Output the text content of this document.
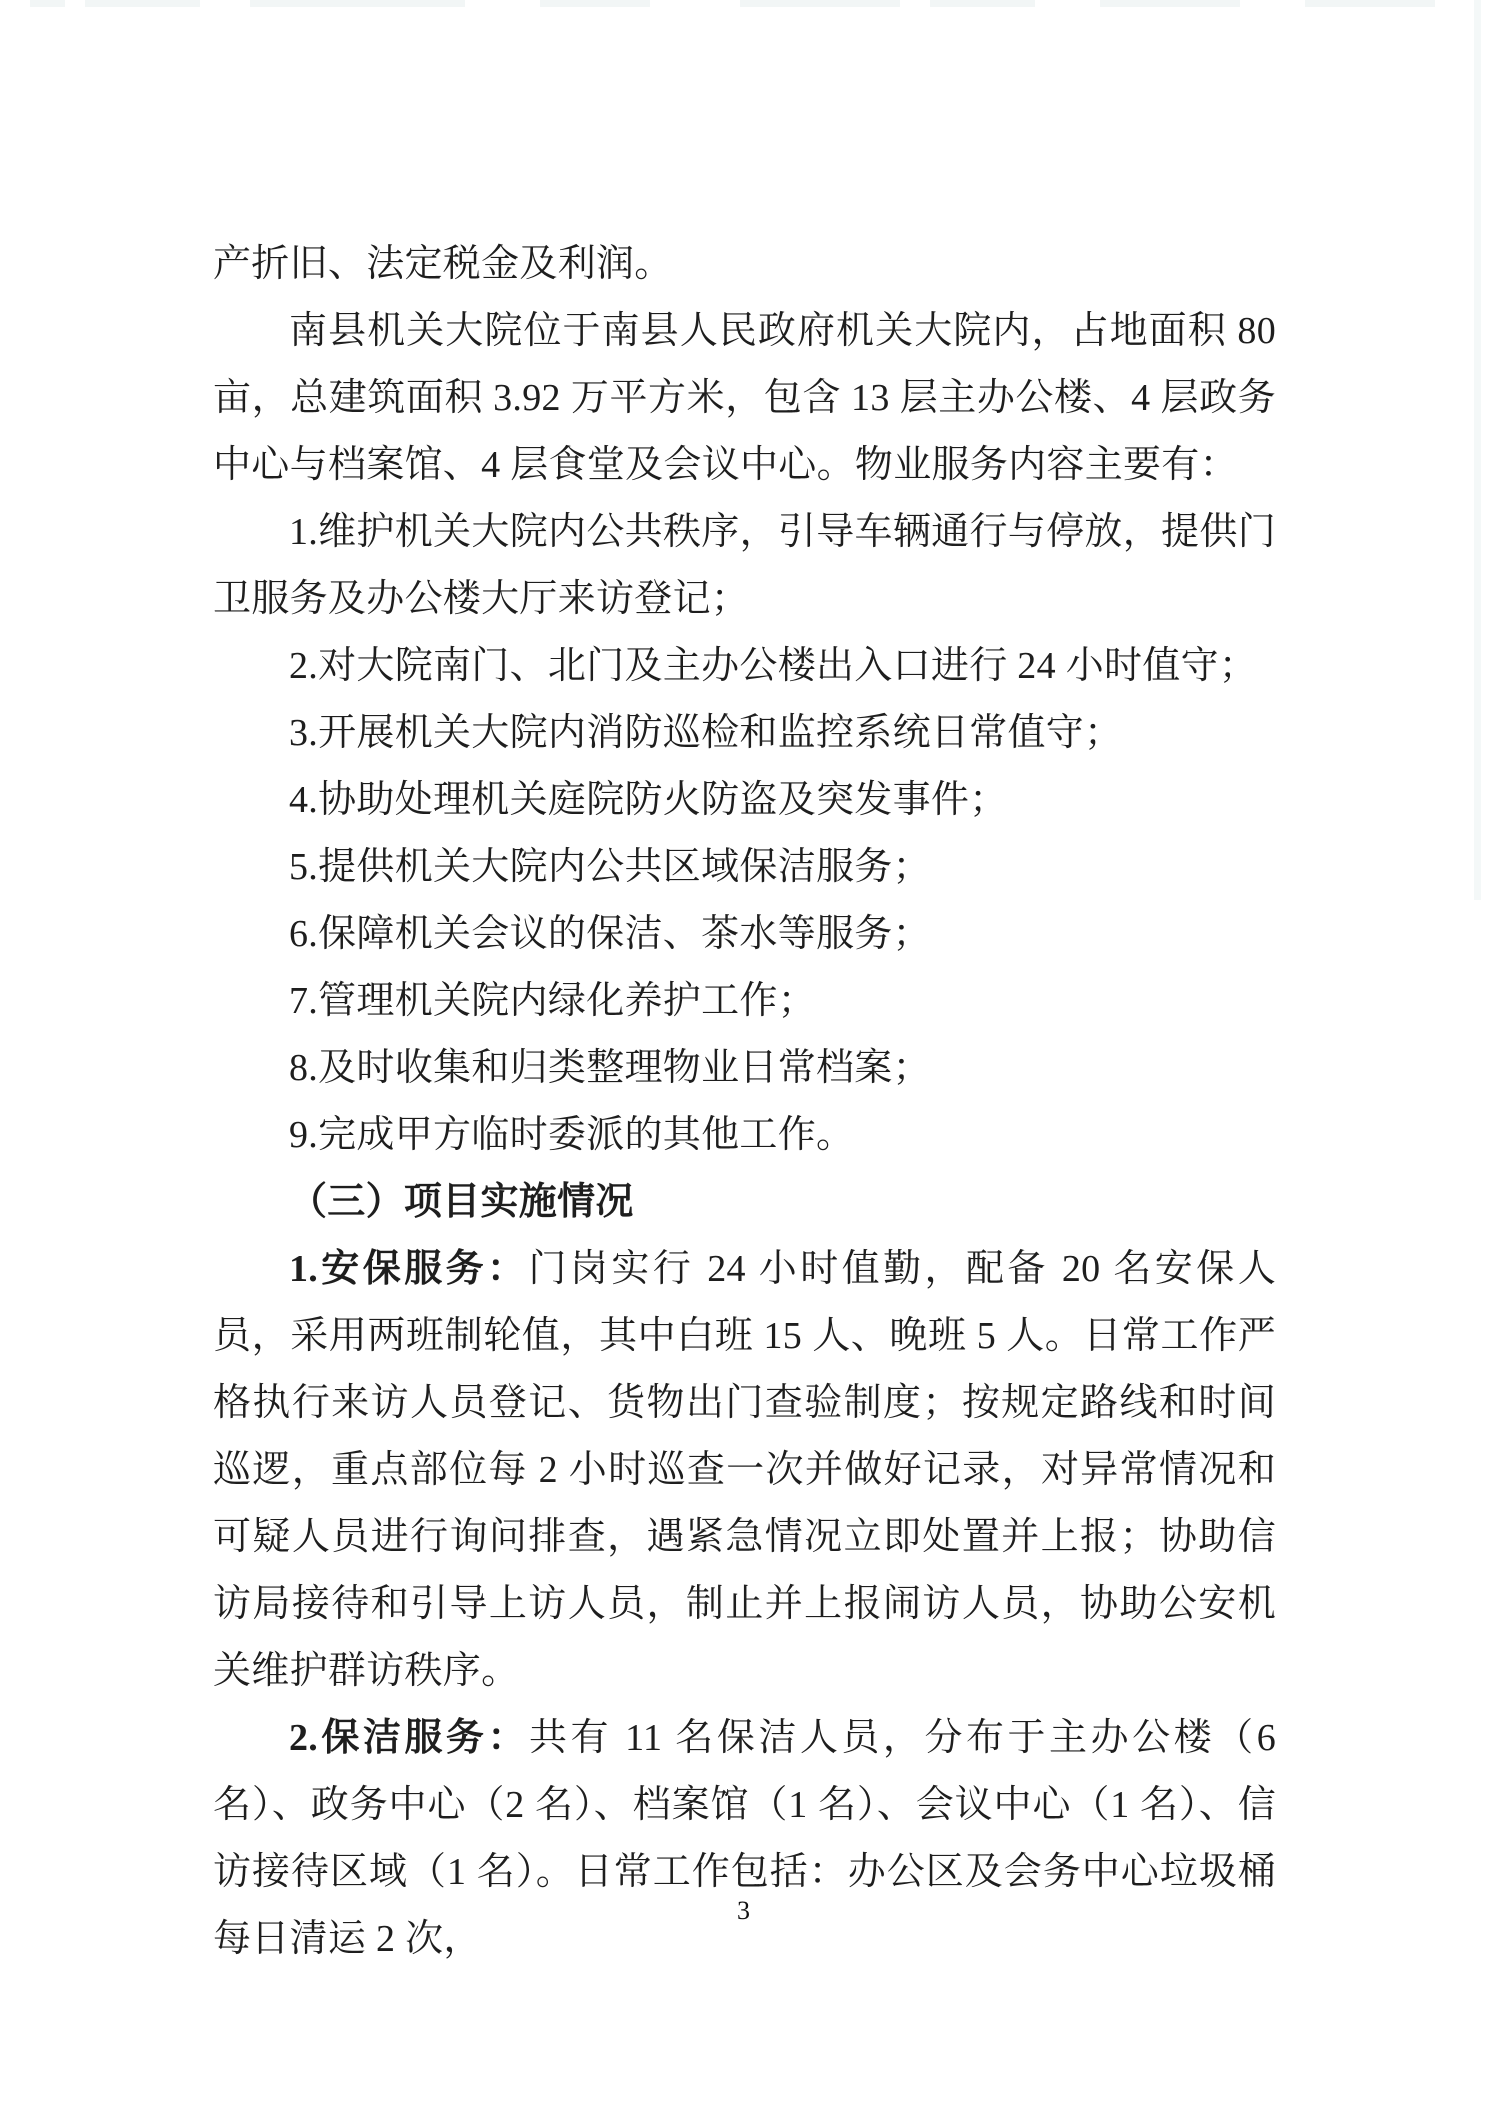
产折旧、法定税金及利润。

南县机关大院位于南县人民政府机关大院内，占地面积 80 亩，总建筑面积 3.92 万平方米，包含 13 层主办公楼、4 层政务中心与档案馆、4 层食堂及会议中心。物业服务内容主要有：

1.维护机关大院内公共秩序，引导车辆通行与停放，提供门卫服务及办公楼大厅来访登记；

2.对大院南门、北门及主办公楼出入口进行 24 小时值守；

3.开展机关大院内消防巡检和监控系统日常值守；

4.协助处理机关庭院防火防盗及突发事件；

5.提供机关大院内公共区域保洁服务；

6.保障机关会议的保洁、茶水等服务；

7.管理机关院内绿化养护工作；

8.及时收集和归类整理物业日常档案；

9.完成甲方临时委派的其他工作。

（三）项目实施情况

1.安保服务：门岗实行 24 小时值勤，配备 20 名安保人员，采用两班制轮值，其中白班 15 人、晚班 5 人。日常工作严格执行来访人员登记、货物出门查验制度；按规定路线和时间巡逻，重点部位每 2 小时巡查一次并做好记录，对异常情况和可疑人员进行询问排查，遇紧急情况立即处置并上报；协助信访局接待和引导上访人员，制止并上报闹访人员，协助公安机关维护群访秩序。

2.保洁服务：共有 11 名保洁人员，分布于主办公楼（6 名）、政务中心（2 名）、档案馆（1 名）、会议中心（1 名）、信访接待区域（1 名）。日常工作包括：办公区及会务中心垃圾桶每日清运 2 次，

3
